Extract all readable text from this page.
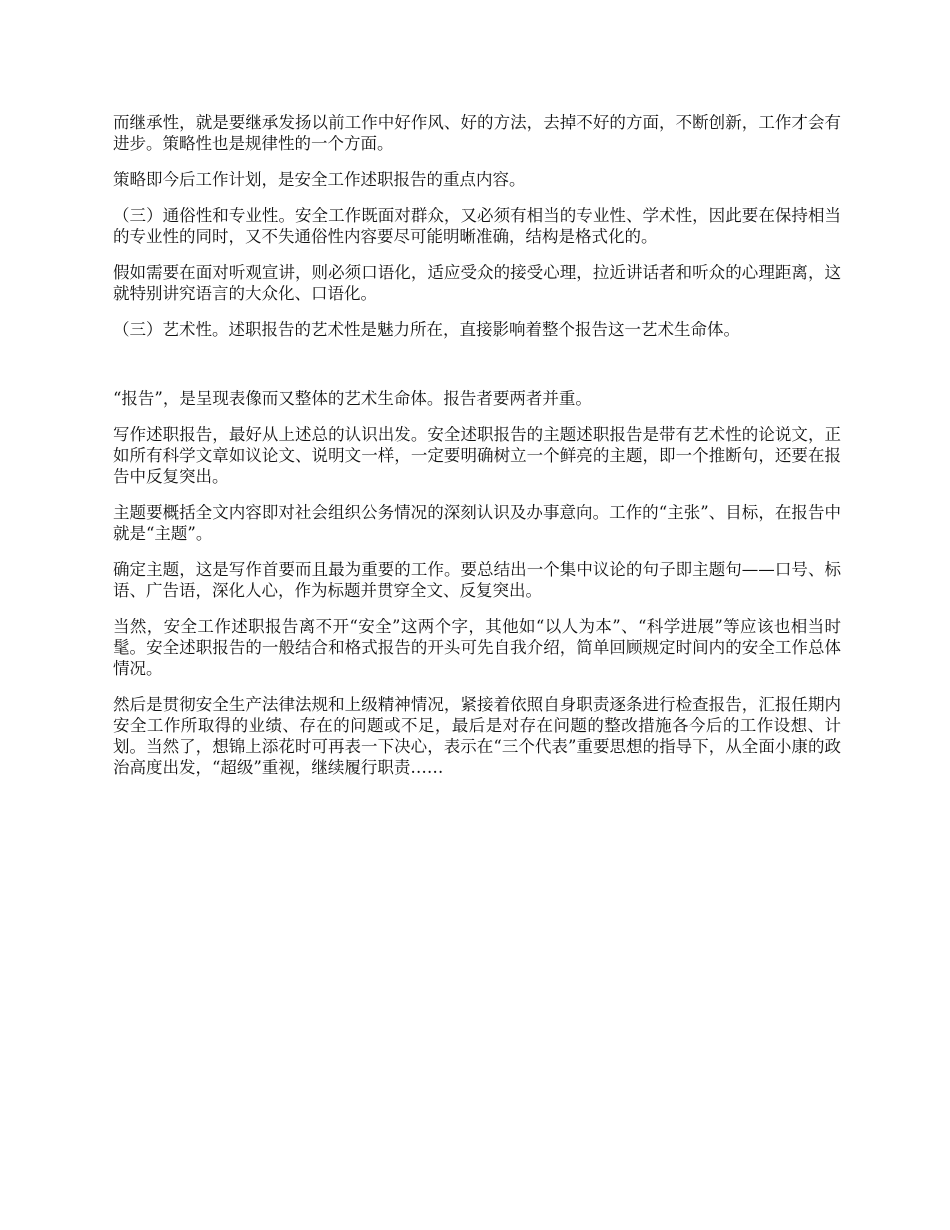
而继承性，就是要继承发扬以前工作中好作风、好的方法，去掉不好的方面，不断创新，工作才会有进步。策略性也是规律性的一个方面。

策略即今后工作计划，是安全工作述职报告的重点内容。

（三）通俗性和专业性。安全工作既面对群众，又必须有相当的专业性、学术性，因此要在保持相当的专业性的同时，又不失通俗性内容要尽可能明晰准确，结构是格式化的。

假如需要在面对听观宣讲，则必须口语化，适应受众的接受心理，拉近讲话者和听众的心理距离，这就特别讲究语言的大众化、口语化。

（三）艺术性。述职报告的艺术性是魅力所在，直接影响着整个报告这一艺术生命体。

“报告”，是呈现表像而又整体的艺术生命体。报告者要两者并重。

写作述职报告，最好从上述总的认识出发。安全述职报告的主题述职报告是带有艺术性的论说文，正如所有科学文章如议论文、说明文一样，一定要明确树立一个鲜亮的主题，即一个推断句，还要在报告中反复突出。

主题要概括全文内容即对社会组织公务情况的深刻认识及办事意向。工作的“主张”、目标，在报告中就是“主题”。

确定主题，这是写作首要而且最为重要的工作。要总结出一个集中议论的句子即主题句——口号、标语、广告语，深化人心，作为标题并贯穿全文、反复突出。

当然，安全工作述职报告离不开“安全”这两个字，其他如“以人为本”、“科学进展”等应该也相当时髦。安全述职报告的一般结合和格式报告的开头可先自我介绍，简单回顾规定时间内的安全工作总体情况。

然后是贯彻安全生产法律法规和上级精神情况，紧接着依照自身职责逐条进行检查报告，汇报任期内安全工作所取得的业绩、存在的问题或不足，最后是对存在问题的整改措施各今后的工作设想、计划。当然了，想锦上添花时可再表一下决心，表示在“三个代表”重要思想的指导下，从全面小康的政治高度出发，“超级”重视，继续履行职责……
